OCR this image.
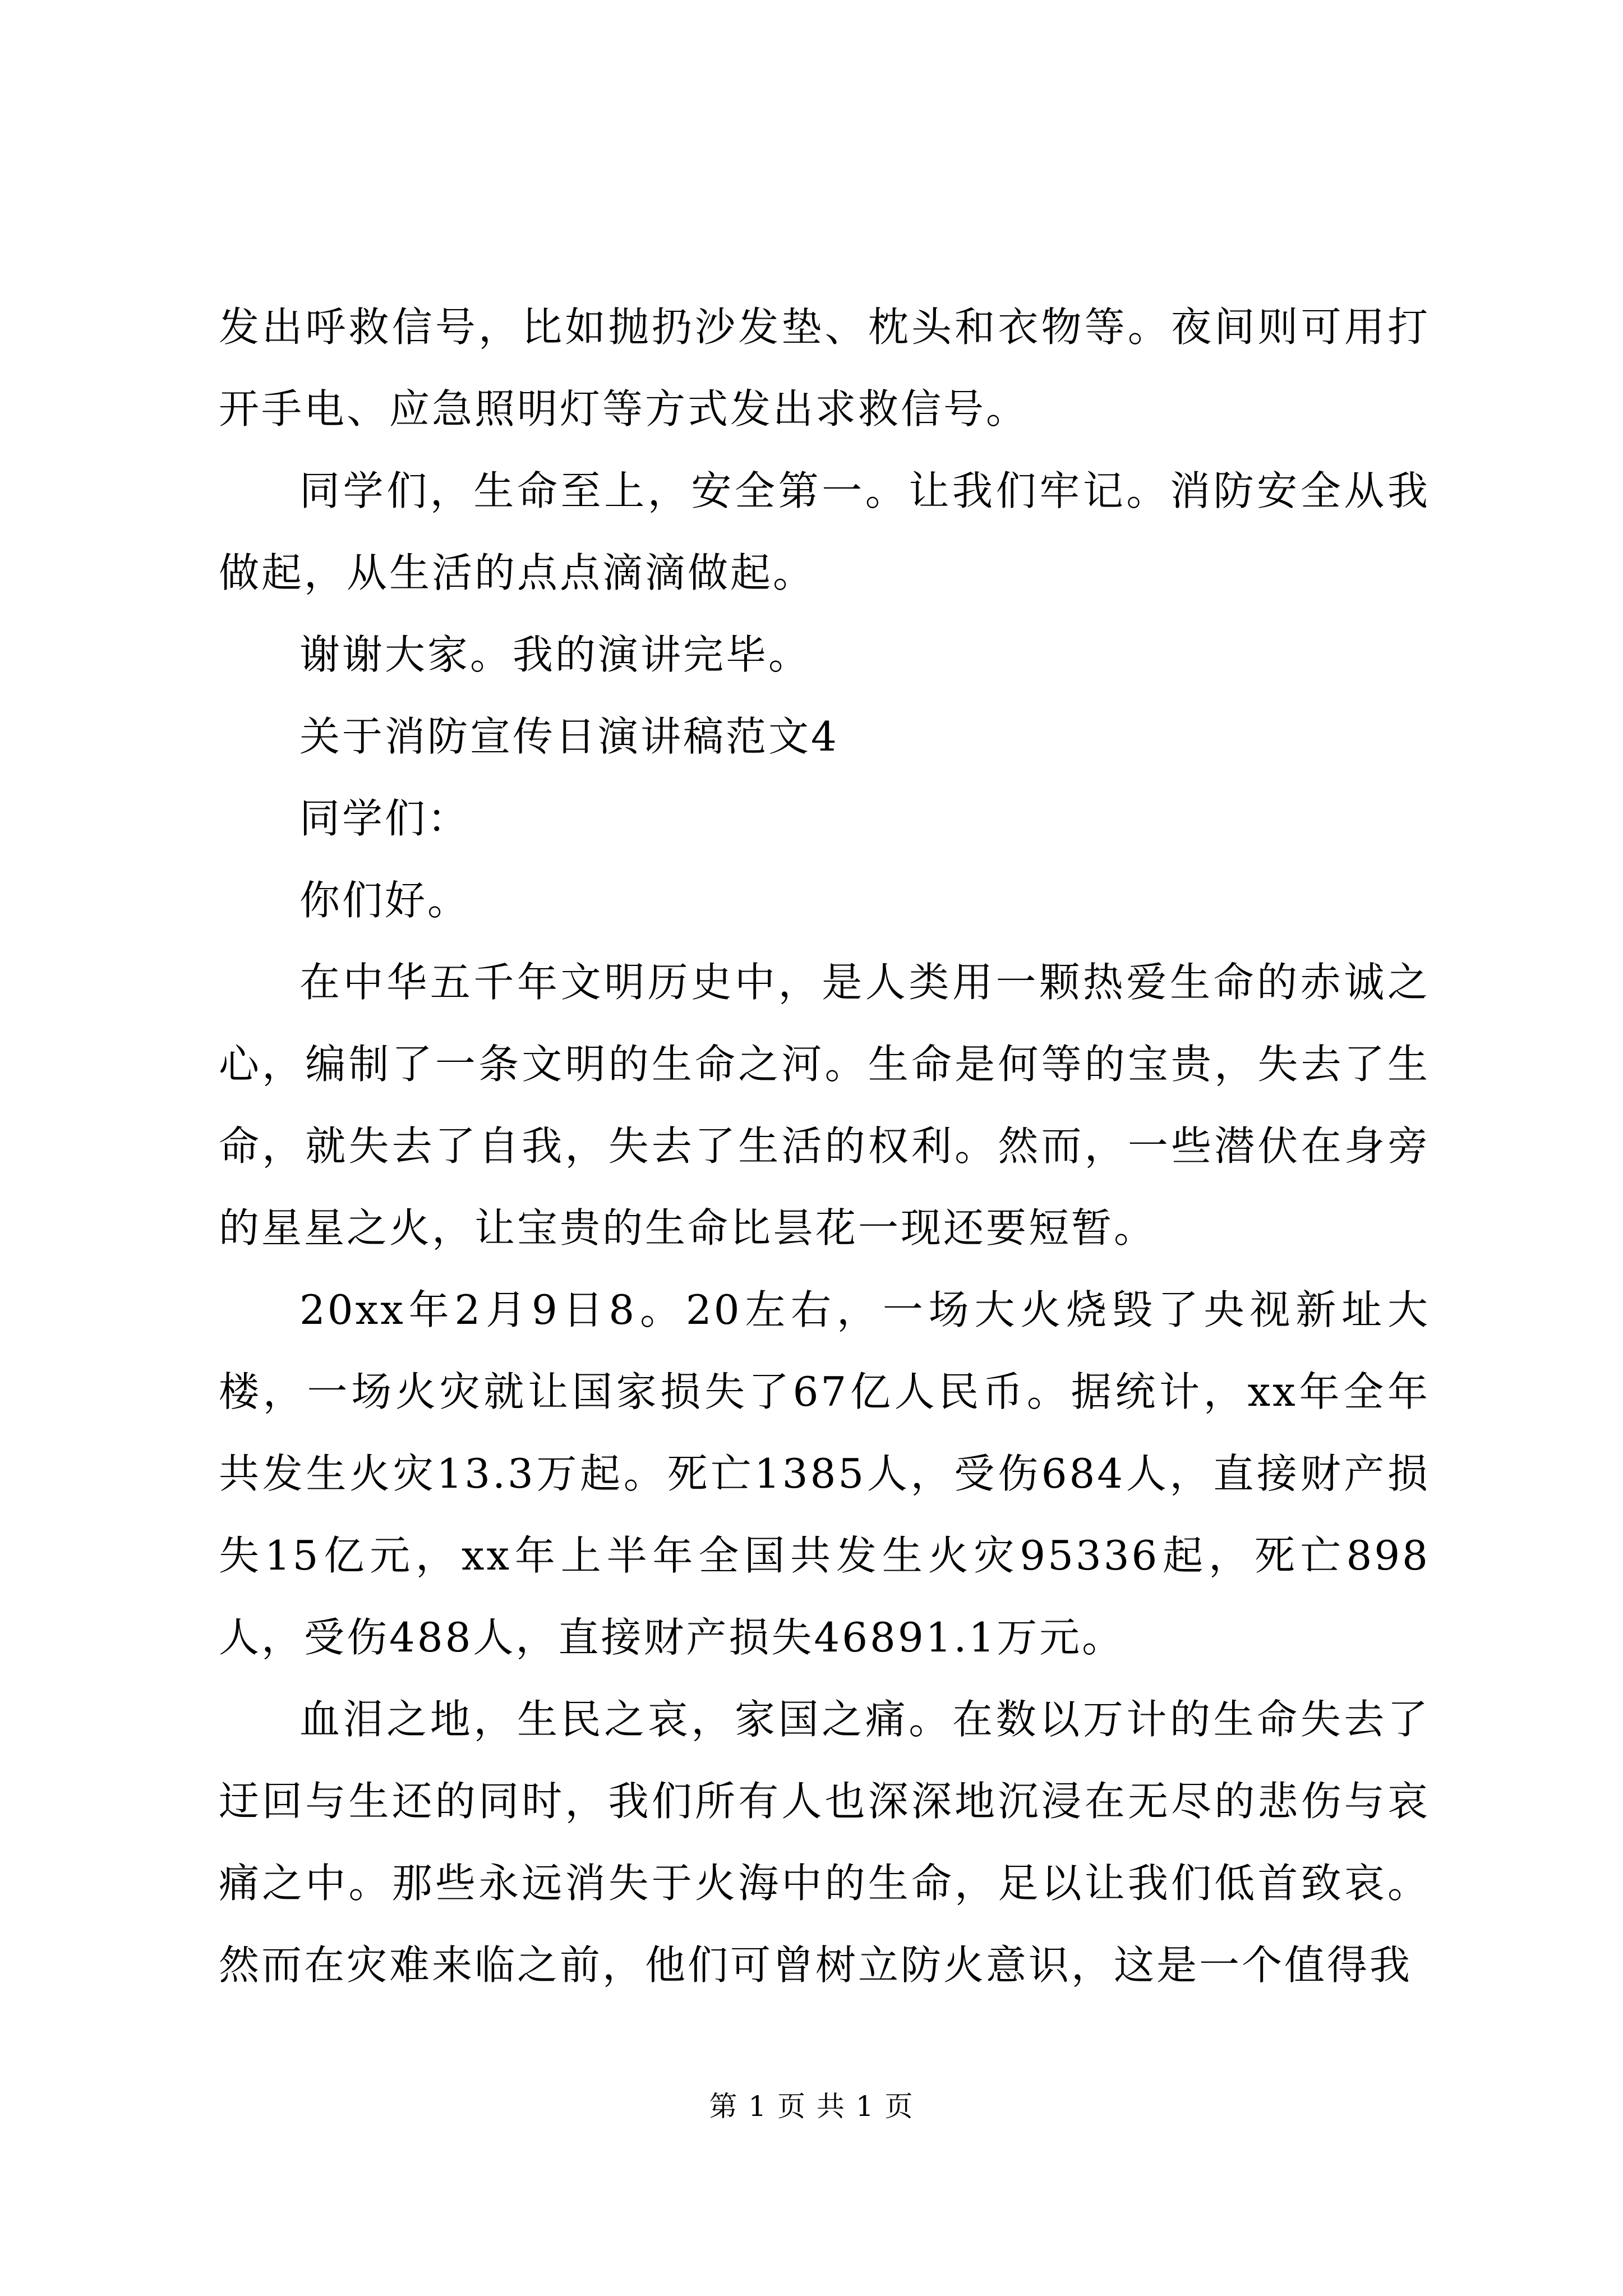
发出呼救信号，比如抛扔沙发垫、枕头和衣物等。夜间则可用打开手电、应急照明灯等方式发出求救信号。

同学们，生命至上，安全第一。让我们牢记。消防安全从我做起，从生活的点点滴滴做起。

谢谢大家。我的演讲完毕。

关于消防宣传日演讲稿范文4

同学们：

你们好。

在中华五千年文明历史中，是人类用一颗热爱生命的赤诚之心，编制了一条文明的生命之河。生命是何等的宝贵，失去了生命，就失去了自我，失去了生活的权利。然而，一些潜伏在身旁的星星之火，让宝贵的生命比昙花一现还要短暂。

20xx年2月9日8。20左右，一场大火烧毁了央视新址大楼，一场火灾就让国家损失了67亿人民币。据统计，xx年全年共发生火灾13.3万起。死亡1385人，受伤684人，直接财产损失15亿元，xx年上半年全国共发生火灾95336起，死亡898人，受伤488人，直接财产损失46891.1万元。

血泪之地，生民之哀，家国之痛。在数以万计的生命失去了迂回与生还的同时，我们所有人也深深地沉浸在无尽的悲伤与哀痛之中。那些永远消失于火海中的生命，足以让我们低首致哀。然而在灾难来临之前，他们可曾树立防火意识，这是一个值得我

第 1 页 共 1 页
